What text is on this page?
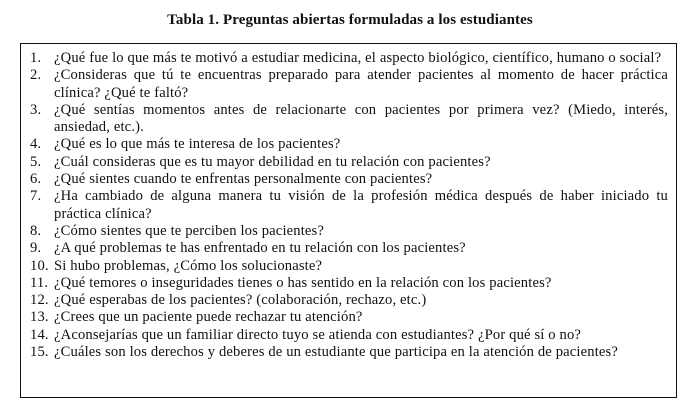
Tabla 1. Preguntas abiertas formuladas a los estudiantes
1. ¿Qué fue lo que más te motivó a estudiar medicina, el aspecto biológico, científico, humano o social?
2. ¿Consideras que tú te encuentras preparado para atender pacientes al momento de hacer práctica clínica? ¿Qué te faltó?
3. ¿Qué sentías momentos antes de relacionarte con pacientes por primera vez? (Miedo, interés, ansiedad, etc.).
4. ¿Qué es lo que más te interesa de los pacientes?
5. ¿Cuál consideras que es tu mayor debilidad en tu relación con pacientes?
6. ¿Qué sientes cuando te enfrentas personalmente con pacientes?
7. ¿Ha cambiado de alguna manera tu visión de la profesión médica después de haber iniciado tu práctica clínica?
8. ¿Cómo sientes que te perciben los pacientes?
9. ¿A qué problemas te has enfrentado en tu relación con los pacientes?
10. Si hubo problemas, ¿Cómo los solucionaste?
11. ¿Qué temores o inseguridades tienes o has sentido en la relación con los pacientes?
12. ¿Qué esperabas de los pacientes? (colaboración, rechazo, etc.)
13. ¿Crees que un paciente puede rechazar tu atención?
14. ¿Aconsejarías que un familiar directo tuyo se atienda con estudiantes? ¿Por qué sí o no?
15. ¿Cuáles son los derechos y deberes de un estudiante que participa en la atención de pacientes?
